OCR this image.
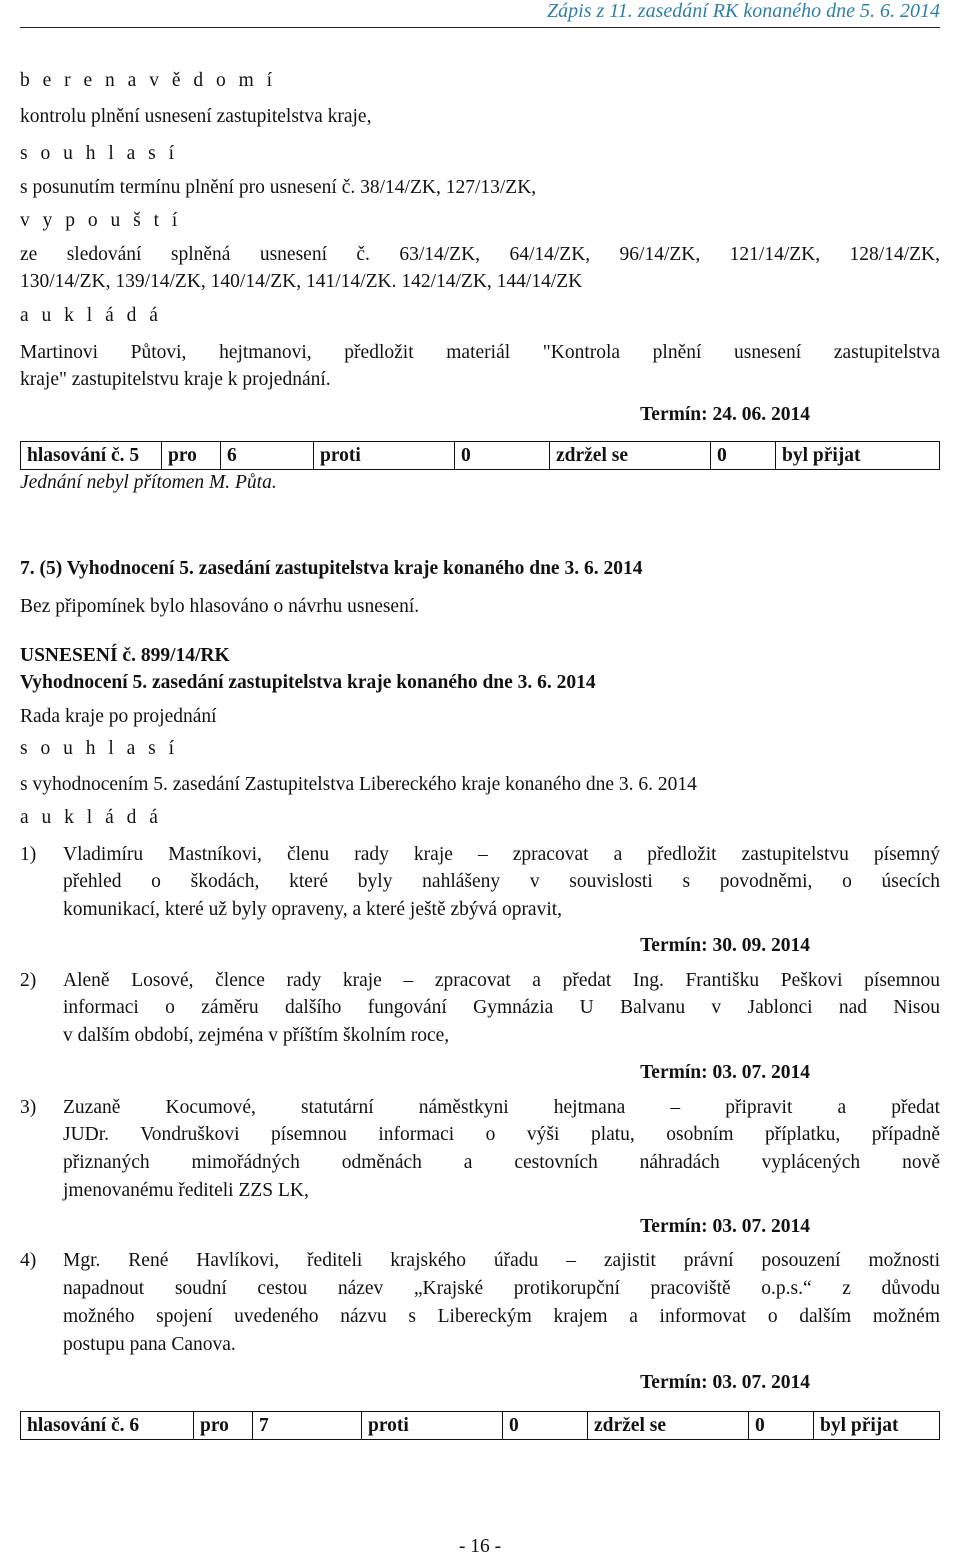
Zápis z 11. zasedání RK konaného dne 5. 6. 2014
b e r e n a v ě d o m í
kontrolu plnění usnesení zastupitelstva kraje,
s o u h l a s í
s posunutím termínu plnění pro usnesení č. 38/14/ZK, 127/13/ZK,
v y p o u š t í
ze sledování splněná usnesení č. 63/14/ZK, 64/14/ZK, 96/14/ZK, 121/14/ZK, 128/14/ZK,
130/14/ZK, 139/14/ZK, 140/14/ZK, 141/14/ZK. 142/14/ZK, 144/14/ZK
a u k l á d á
Martinovi Půtovi, hejtmanovi, předložit materiál "Kontrola plnění usnesení zastupitelstva
kraje" zastupitelstvu kraje k projednání.
Termín: 24. 06. 2014
hlasování č. 5	pro	6	proti	0	zdržel se	0	byl přijat
Jednání nebyl přítomen M. Půta.
7. (5) Vyhodnocení 5. zasedání zastupitelstva kraje konaného dne 3. 6. 2014
Bez připomínek bylo hlasováno o návrhu usnesení.
USNESENÍ č. 899/14/RK
Vyhodnocení 5. zasedání zastupitelstva kraje konaného dne 3. 6. 2014
Rada kraje po projednání
s o u h l a s í
s vyhodnocením 5. zasedání Zastupitelstva Libereckého kraje konaného dne 3. 6. 2014
a u k l á d á
1) Vladimíru Mastníkovi, členu rady kraje – zpracovat a předložit zastupitelstvu písemný
přehled o škodách, které byly nahlášeny v souvislosti s povodněmi, o úsecích
komunikací, které už byly opraveny, a které ještě zbývá opravit,
Termín: 30. 09. 2014
2) Aleně Losové, člence rady kraje – zpracovat a předat Ing. Františku Peškovi písemnou
informaci o záměru dalšího fungování Gymnázia U Balvanu v Jablonci nad Nisou
v dalším období, zejména v příštím školním roce,
Termín: 03. 07. 2014
3) Zuzaně Kocumové, statutární náměstkyni hejtmana – připravit a předat
JUDr. Vondruškovi písemnou informaci o výši platu, osobním příplatku, případně
přiznaných mimořádných odměnách a cestovních náhradách vyplácených nově
jmenovanému řediteli ZZS LK,
Termín: 03. 07. 2014
4) Mgr. René Havlíkovi, řediteli krajského úřadu – zajistit právní posouzení možnosti
napadnout soudní cestou název „Krajské protikorupční pracoviště o.p.s.“ z důvodu
možného spojení uvedeného názvu s Libereckým krajem a informovat o dalším možném
postupu pana Canova.
Termín: 03. 07. 2014
hlasování č. 6	pro	7	proti	0	zdržel se	0	byl přijat
- 16 -
